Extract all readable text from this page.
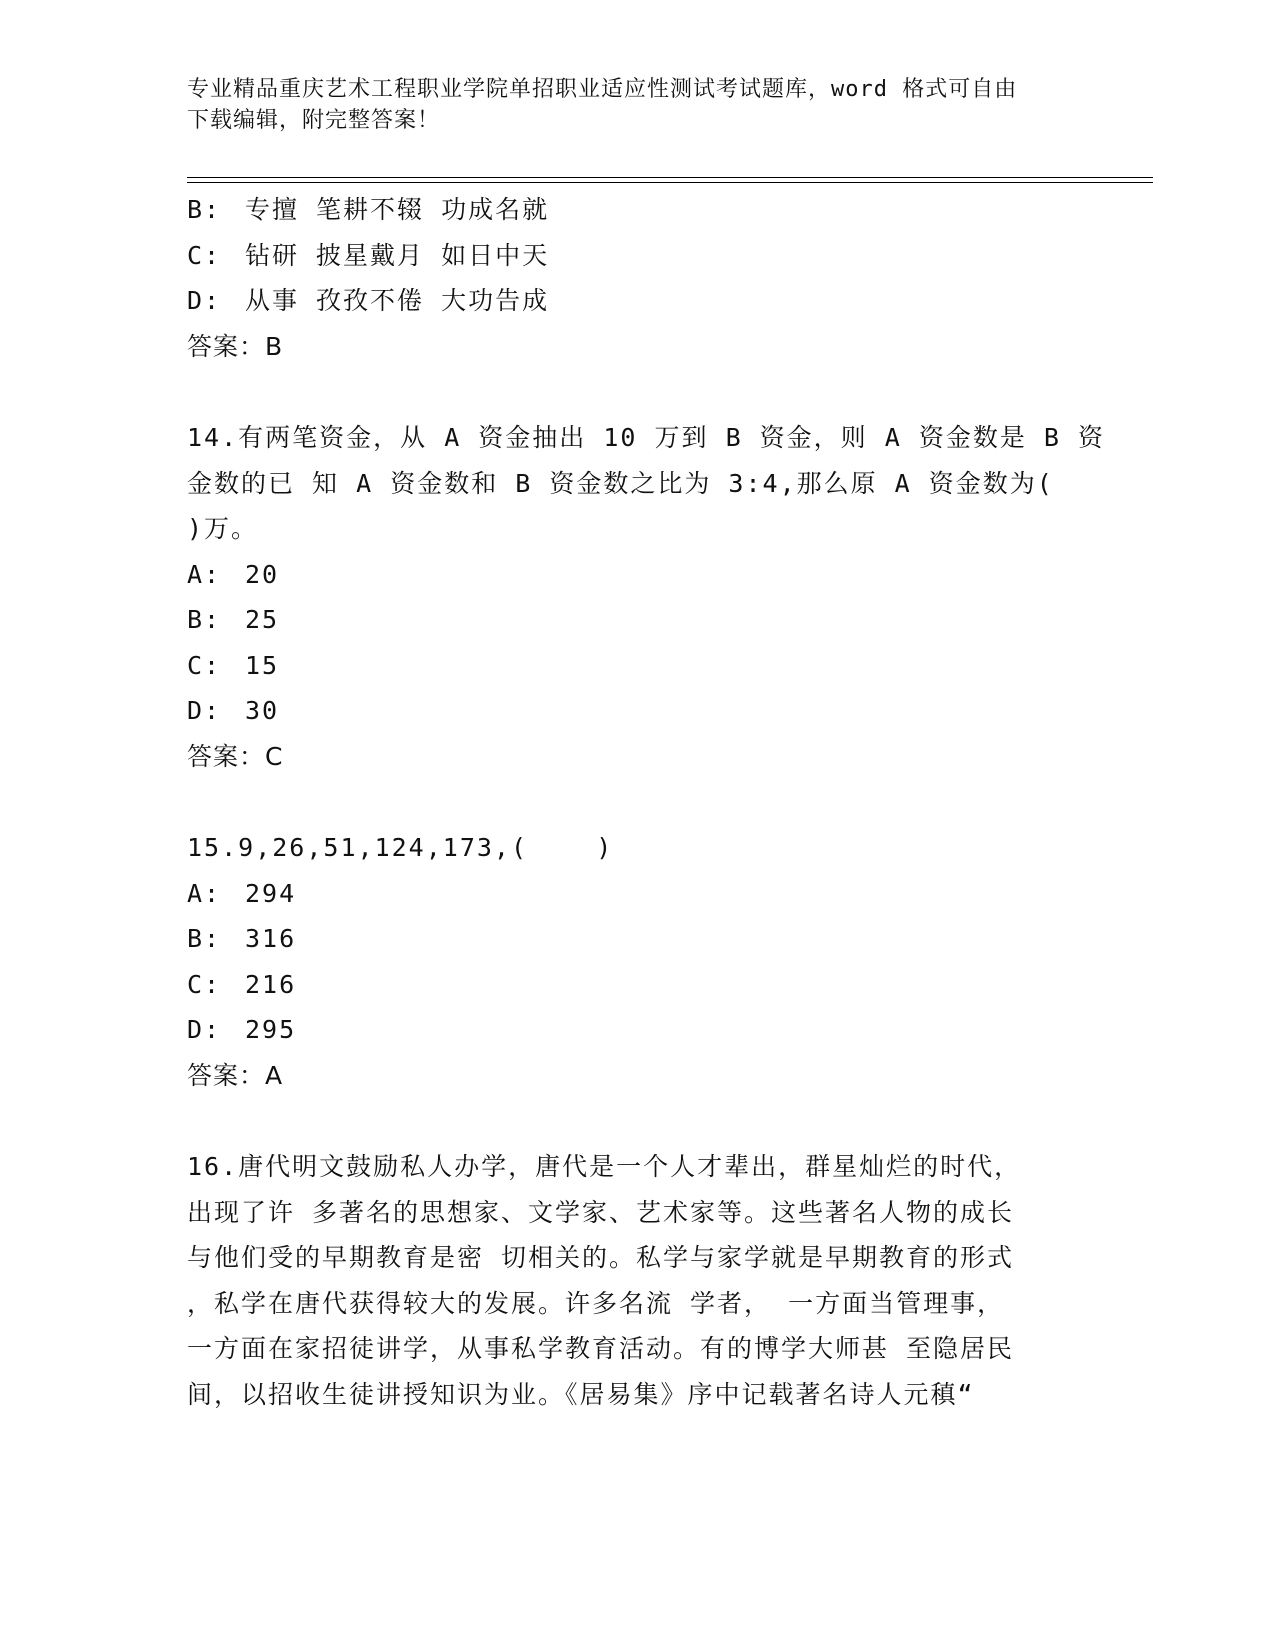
专业精品重庆艺术工程职业学院单招职业适应性测试考试题库，word 格式可自由
下载编辑，附完整答案！
B: 专擅 笔耕不辍 功成名就
C: 钻研 披星戴月 如日中天
D: 从事 孜孜不倦 大功告成
答案：B
14.有两笔资金，从 A 资金抽出 10 万到 B 资金，则 A 资金数是 B 资
金数的已 知 A 资金数和 B 资金数之比为 3:4,那么原 A 资金数为(
)万。
A: 20
B: 25
C: 15
D: 30
答案：C
15.9,26,51,124,173,(    )
A: 294
B: 316
C: 216
D: 295
答案：A
16.唐代明文鼓励私人办学，唐代是一个人才辈出，群星灿烂的时代，
出现了许 多著名的思想家、文学家、艺术家等。这些著名人物的成长
与他们受的早期教育是密 切相关的。私学与家学就是早期教育的形式
，私学在唐代获得较大的发展。许多名流 学者， 一方面当管理事，
一方面在家招徒讲学，从事私学教育活动。有的博学大师甚 至隐居民
间，以招收生徒讲授知识为业。《居易集》序中记载著名诗人元稹“
